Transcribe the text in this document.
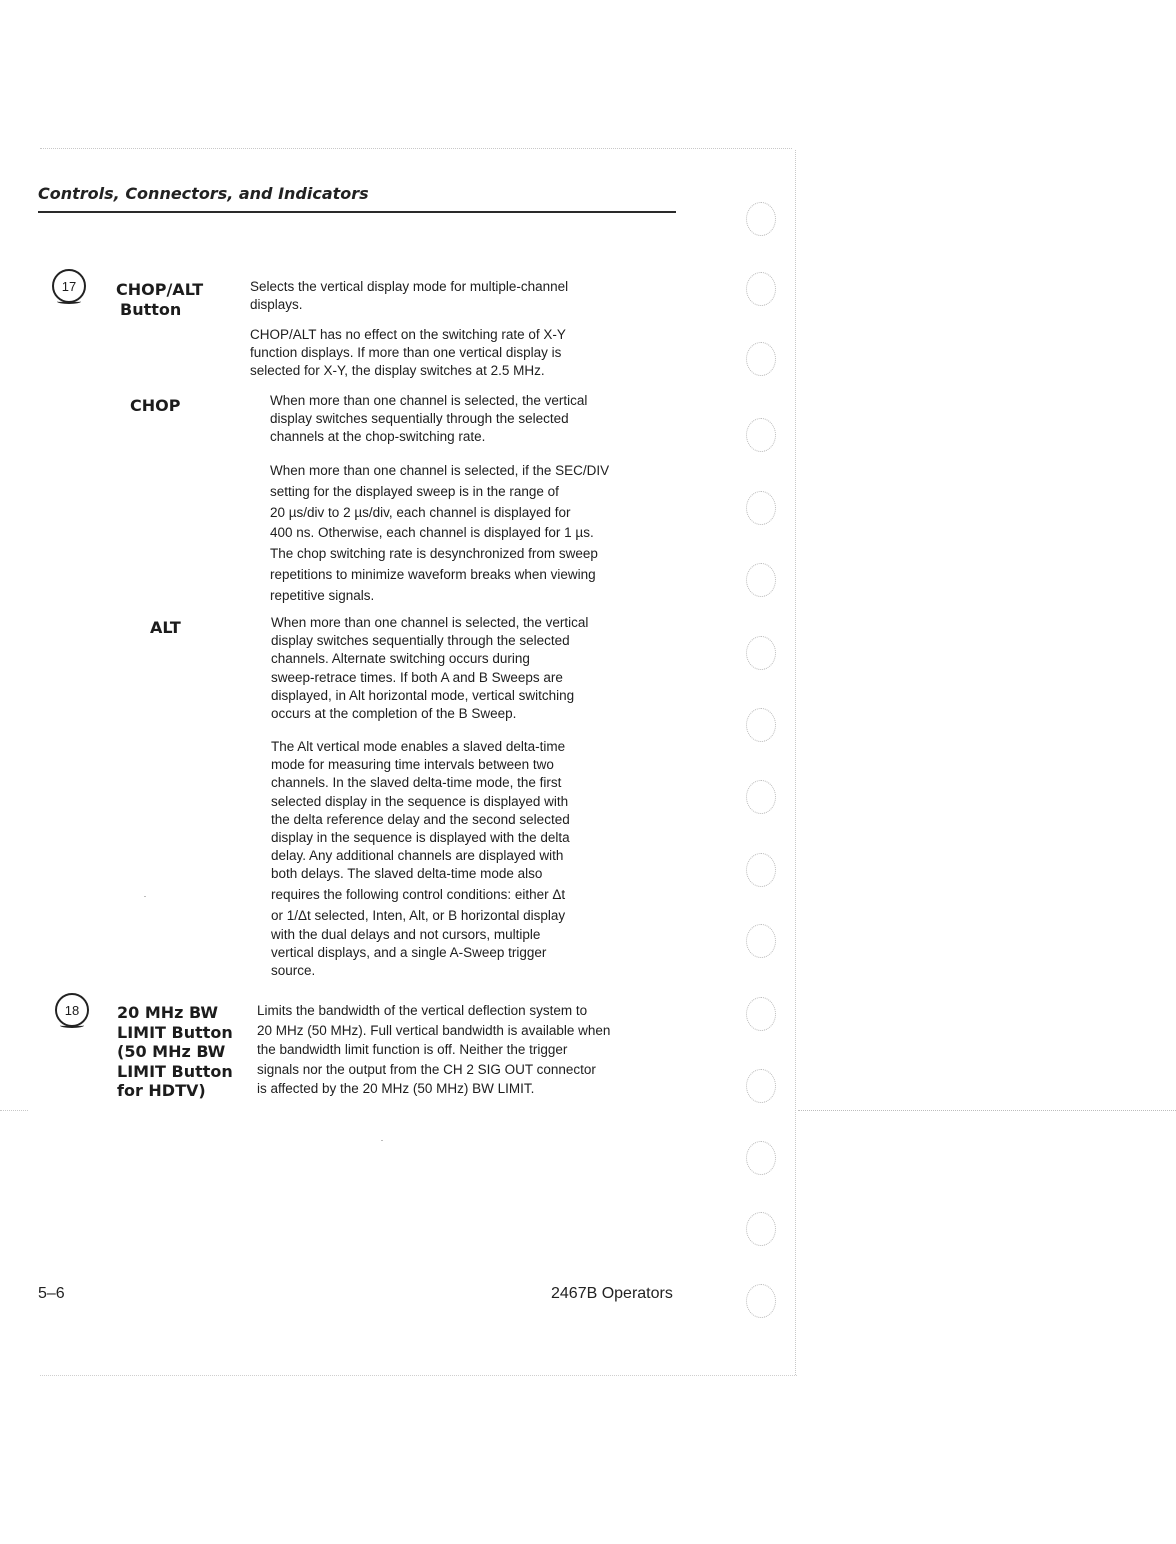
Controls, Connectors, and Indicators
17	CHOP/ALT
Button

Selects the vertical display mode for multiple-channel
displays.

CHOP/ALT has no effect on the switching rate of X-Y
function displays. If more than one vertical display is
selected for X-Y, the display switches at 2.5 MHz.

CHOP	When more than one channel is selected, the vertical
display switches sequentially through the selected
channels at the chop-switching rate.

When more than one channel is selected, if the SEC/DIV
setting for the displayed sweep is in the range of
20 µs/div to 2 µs/div, each channel is displayed for
400 ns. Otherwise, each channel is displayed for 1 µs.
The chop switching rate is desynchronized from sweep
repetitions to minimize waveform breaks when viewing
repetitive signals.

ALT	When more than one channel is selected, the vertical
display switches sequentially through the selected
channels. Alternate switching occurs during
sweep-retrace times. If both A and B Sweeps are
displayed, in Alt horizontal mode, vertical switching
occurs at the completion of the B Sweep.

The Alt vertical mode enables a slaved delta-time
mode for measuring time intervals between two
channels. In the slaved delta-time mode, the first
selected display in the sequence is displayed with
the delta reference delay and the second selected
display in the sequence is displayed with the delta
delay. Any additional channels are displayed with
both delays. The slaved delta-time mode also
requires the following control conditions: either Δt
or 1/Δt selected, Inten, Alt, or B horizontal display
with the dual delays and not cursors, multiple
vertical displays, and a single A-Sweep trigger
source.

18	20 MHz BW
LIMIT Button
(50 MHz BW
LIMIT Button
for HDTV)

Limits the bandwidth of the vertical deflection system to
20 MHz (50 MHz). Full vertical bandwidth is available when
the bandwidth limit function is off. Neither the trigger
signals nor the output from the CH 2 SIG OUT connector
is affected by the 20 MHz (50 MHz) BW LIMIT.

5–6	2467B Operators
